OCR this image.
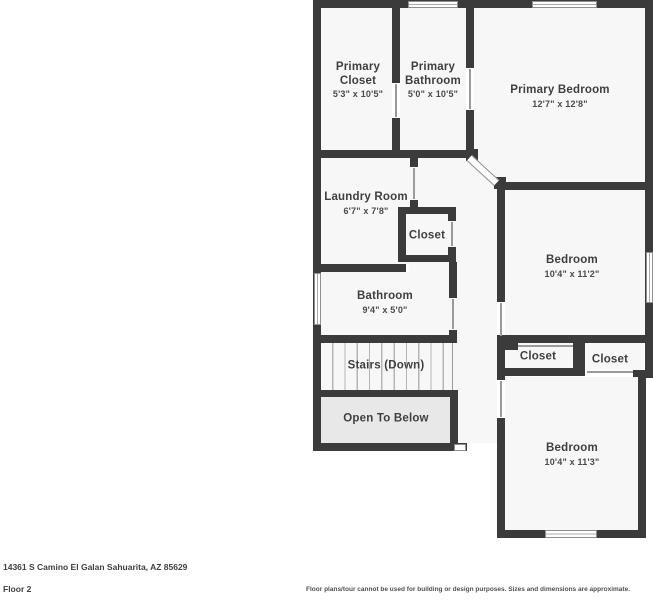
Primary Closet
5'3" x 10'5"
Primary Bathroom
5'0" x 10'5"	Primary Bedroom
12'7" x 12'8"
Laundry Room
6'7" x 7'8"
Closet
Bathroom
9'4" x 5'0"
Bedroom
10'4" x 11'2"
Closet	Closet
Stairs (Down)
Open To Below
Bedroom
10'4" x 11'3"
14361 S Camino El Galan Sahuarita, AZ 85629
Floor 2	Floor plans/tour cannot be used for building or design purposes. Sizes and dimensions are approximate.
